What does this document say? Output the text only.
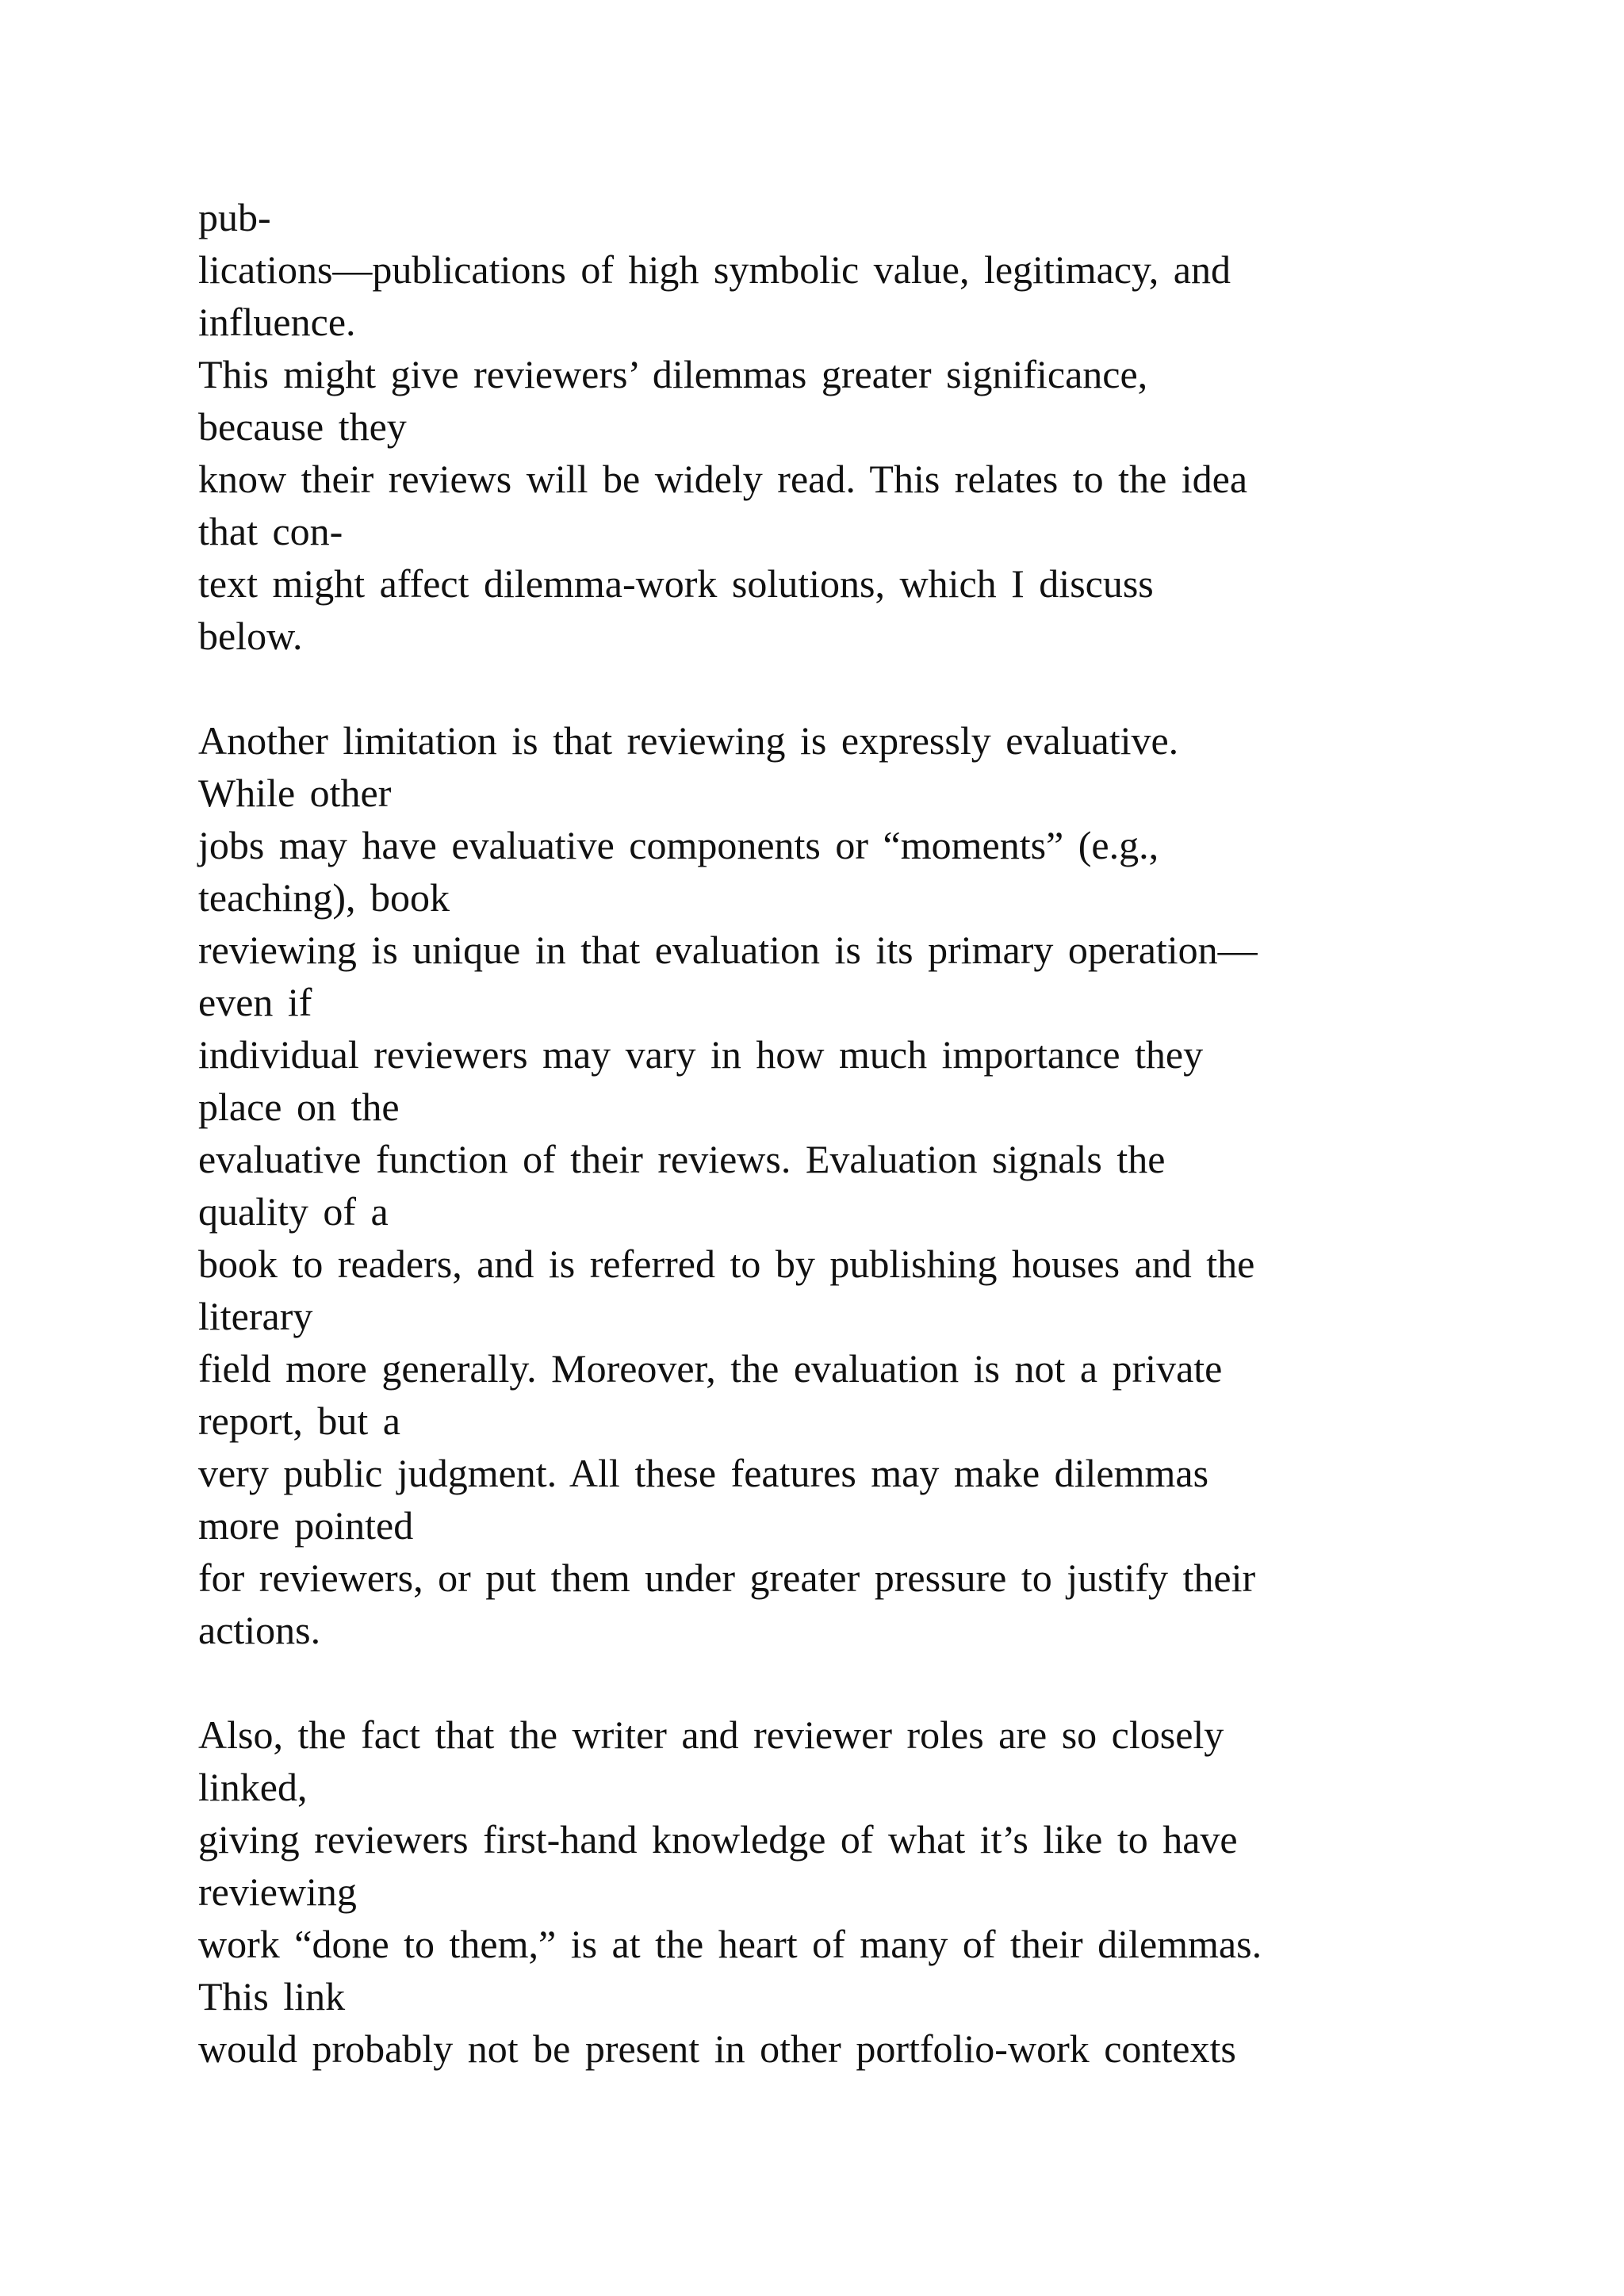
pub-

lications—publications of high symbolic value, legitimacy, and

influence.

This might give reviewers’ dilemmas greater significance,

because they

know their reviews will be widely read. This relates to the idea

that con-

text might affect dilemma-work solutions, which I discuss

below.

Another limitation is that reviewing is expressly evaluative.

While other

jobs may have evaluative components or “moments” (e.g.,

teaching), book

reviewing is unique in that evaluation is its primary operation—

even if

individual reviewers may vary in how much importance they

place on the

evaluative function of their reviews. Evaluation signals the

quality of a

book to readers, and is referred to by publishing houses and the

literary

field more generally. Moreover, the evaluation is not a private

report, but a

very public judgment. All these features may make dilemmas

more pointed

for reviewers, or put them under greater pressure to justify their

actions.

Also, the fact that the writer and reviewer roles are so closely

linked,

giving reviewers first-hand knowledge of what it’s like to have

reviewing

work “done to them,” is at the heart of many of their dilemmas.

This link

would probably not be present in other portfolio-work contexts
